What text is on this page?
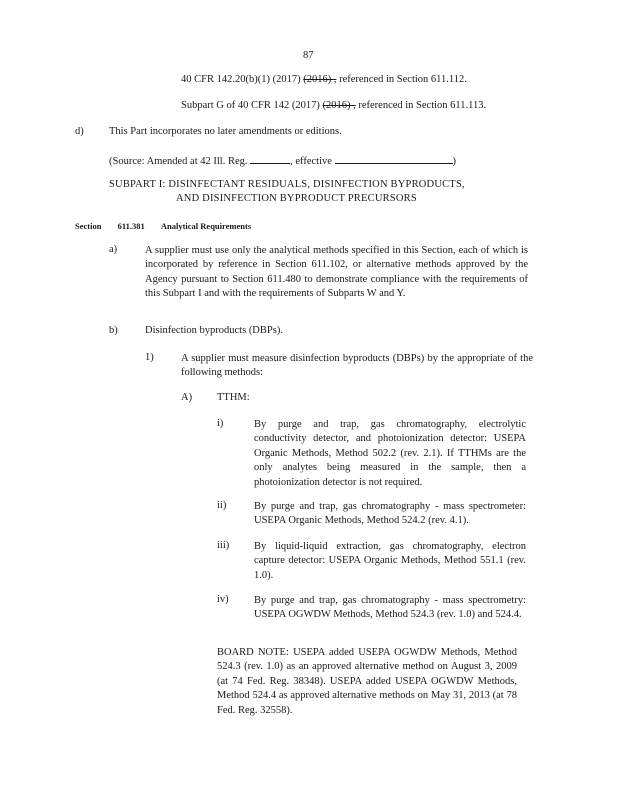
87
40 CFR 142.20(b)(1) (2017) (2016) , referenced in Section 611.112.
Subpart G of 40 CFR 142 (2017) (2016) , referenced in Section 611.113.
d) This Part incorporates no later amendments or editions.
(Source: Amended at 42 Ill. Reg.	, effective	)
SUBPART I: DISINFECTANT RESIDUALS, DISINFECTION BYPRODUCTS,
AND DISINFECTION BYPRODUCT PRECURSORS
Section 611.381 Analytical Requirements
a)	A supplier must use only the analytical methods specified in this Section, each of which is incorporated by reference in Section 611.102, or alternative methods approved by the Agency pursuant to Section 611.480 to demonstrate compliance with the requirements of this Subpart I and with the requirements of Subparts W and Y.
b)	Disinfection byproducts (DBPs).
1)	A supplier must measure disinfection byproducts (DBPs) by the appropriate of the following methods:
A) TTHM:
i)	By purge and trap, gas chromatography, electrolytic conductivity detector, and photoionization detector: USEPA Organic Methods, Method 502.2 (rev. 2.1). If TTHMs are the only analytes being measured in the sample, then a photoionization detector is not required.
ii)	By purge and trap, gas chromatography - mass spectrometer: USEPA Organic Methods, Method 524.2 (rev. 4.1).
iii) By liquid-liquid extraction, gas chromatography, electron capture detector: USEPA Organic Methods, Method 551.1 (rev. 1.0).
iv) By purge and trap, gas chromatography - mass spectrometry: USEPA OGWDW Methods, Method 524.3 (rev. 1.0) and 524.4.
BOARD NOTE: USEPA added USEPA OGWDW Methods, Method 524.3 (rev. 1.0) as an approved alternative method on August 3, 2009 (at 74 Fed. Reg. 38348). USEPA added USEPA OGWDW Methods, Method 524.4 as approved alternative methods on May 31, 2013 (at 78 Fed. Reg. 32558).
